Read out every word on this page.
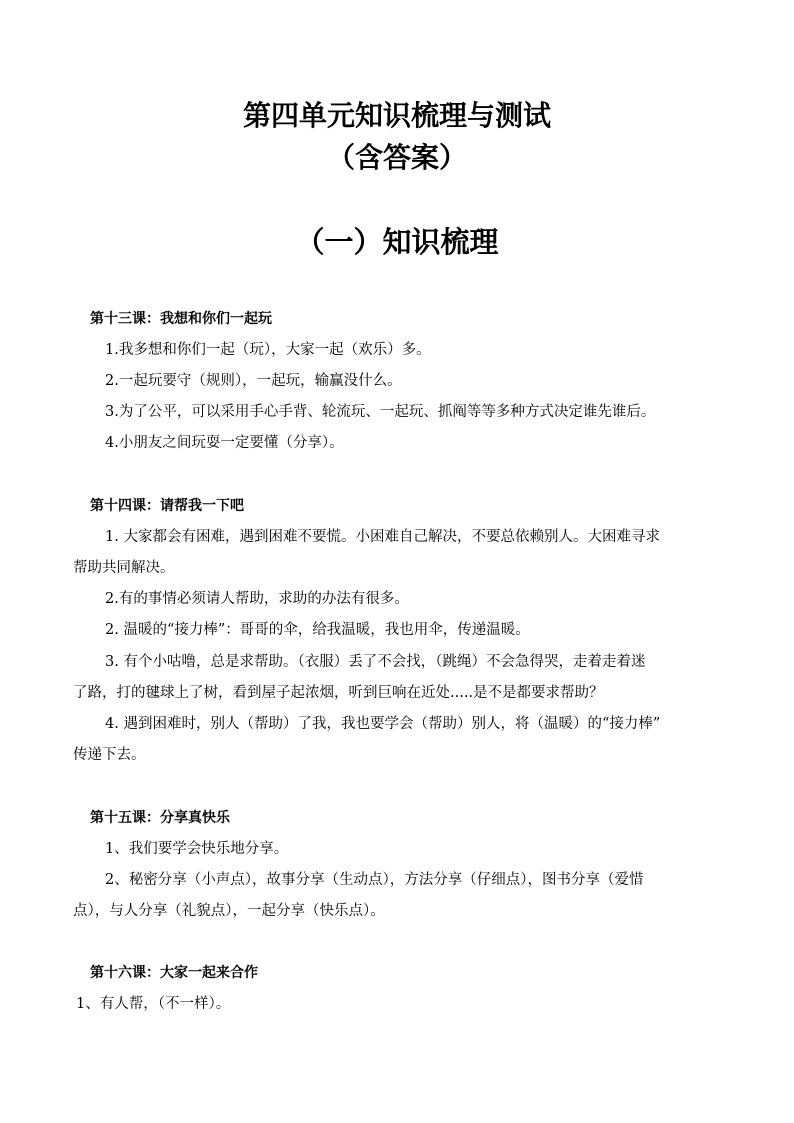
第四单元知识梳理与测试
（含答案）
（一）知识梳理
第十三课：我想和你们一起玩
1.我多想和你们一起（玩），大家一起（欢乐）多。
2.一起玩要守（规则），一起玩，输赢没什么。
3.为了公平，可以采用手心手背、轮流玩、一起玩、抓阄等等多种方式决定谁先谁后。
4.小朋友之间玩耍一定要懂（分享）。
第十四课：请帮我一下吧
1. 大家都会有困难，遇到困难不要慌。小困难自己解决，不要总依赖别人。大困难寻求
帮助共同解决。
2.有的事情必须请人帮助，求助的办法有很多。
2. 温暖的“接力棒”：哥哥的伞，给我温暖，我也用伞，传递温暖。
3. 有个小咕噜，总是求帮助。（衣服）丢了不会找，（跳绳）不会急得哭，走着走着迷
了路，打的毽球上了树，看到屋子起浓烟，听到巨响在近处.....是不是都要求帮助？
4. 遇到困难时，别人（帮助）了我，我也要学会（帮助）别人，将（温暖）的“接力棒”
传递下去。
第十五课：分享真快乐
1、我们要学会快乐地分享。
2、秘密分享（小声点），故事分享（生动点），方法分享（仔细点），图书分享（爱惜
点），与人分享（礼貌点），一起分享（快乐点）。
第十六课：大家一起来合作
1、有人帮，（不一样）。
